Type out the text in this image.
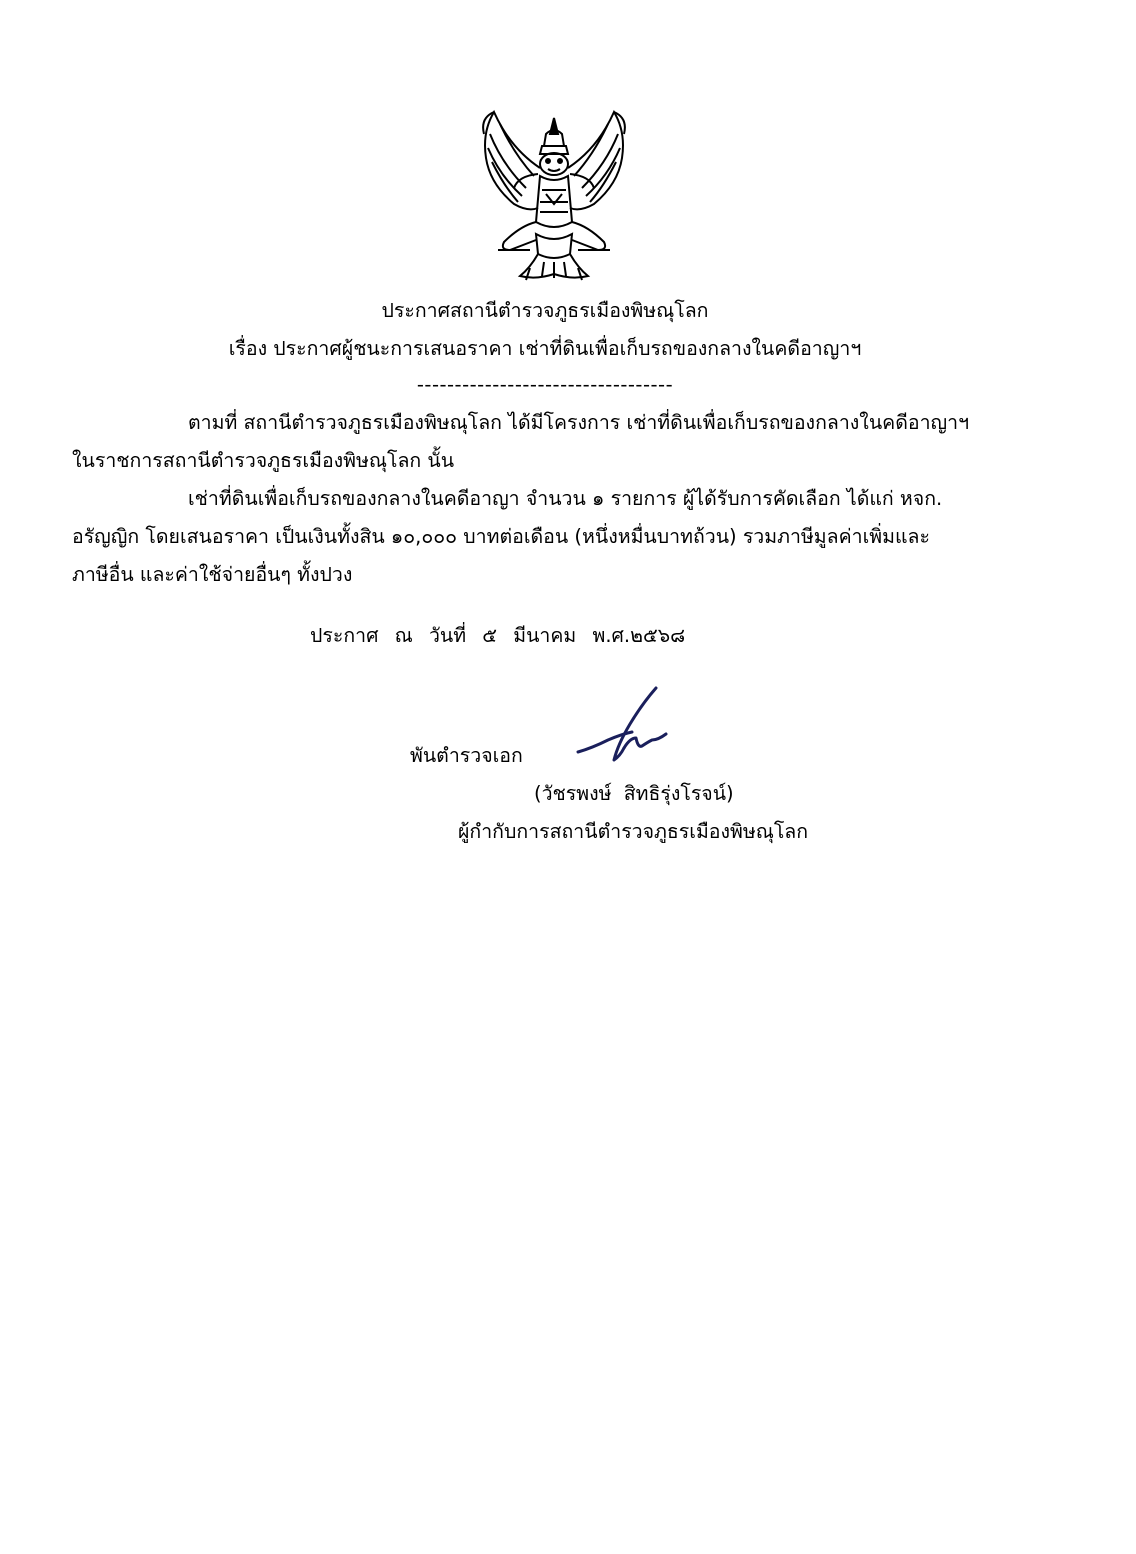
ประกาศสถานีตำรวจภูธรเมืองพิษณุโลก
เรื่อง ประกาศผู้ชนะการเสนอราคา เช่าที่ดินเพื่อเก็บรถของกลางในคดีอาญาฯ
----------------------------------
ตามที่ สถานีตำรวจภูธรเมืองพิษณุโลก ได้มีโครงการ เช่าที่ดินเพื่อเก็บรถของกลางในคดีอาญาฯ
ในราชการสถานีตำรวจภูธรเมืองพิษณุโลก นั้น
เช่าที่ดินเพื่อเก็บรถของกลางในคดีอาญา จำนวน ๑ รายการ ผู้ได้รับการคัดเลือก ได้แก่ หจก.
อรัญญิก โดยเสนอราคา เป็นเงินทั้งสิน ๑๐,๐๐๐ บาทต่อเดือน (หนึ่งหมื่นบาทถ้วน) รวมภาษีมูลค่าเพิ่มและ
ภาษีอื่น และค่าใช้จ่ายอื่นๆ ทั้งปวง
ประกาศ ณ วันที่ ๕ มีนาคม พ.ศ.๒๕๖๘
พันตำรวจเอก
(วัชรพงษ์ สิทธิรุ่งโรจน์)
ผู้กำกับการสถานีตำรวจภูธรเมืองพิษณุโลก
